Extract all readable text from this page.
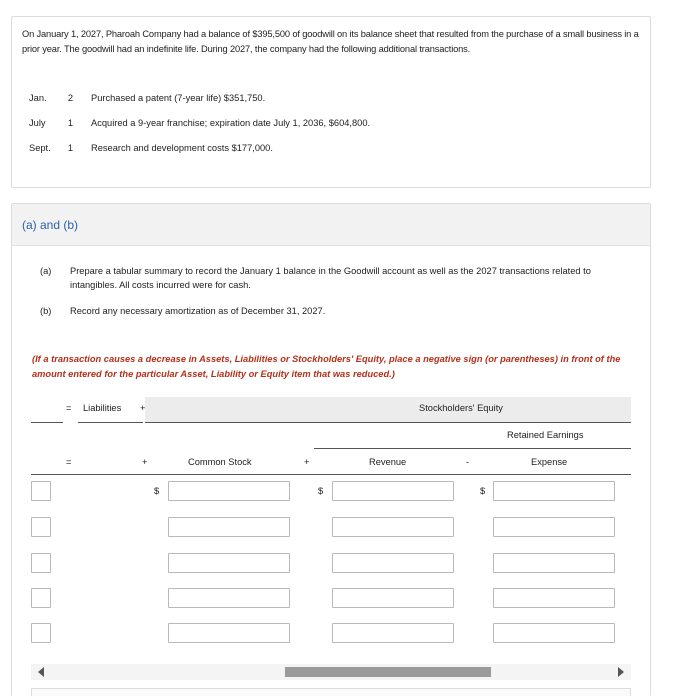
On January 1, 2027, Pharoah Company had a balance of $395,500 of goodwill on its balance sheet that resulted from the purchase of a small business in a prior year. The goodwill had an indefinite life. During 2027, the company had the following additional transactions.
Jan.	2 Purchased a patent (7-year life) $351,750.
July	1 Acquired a 9-year franchise; expiration date July 1, 2036, $604,800.
Sept.	1 Research and development costs $177,000.
(a) and (b)
(a) Prepare a tabular summary to record the January 1 balance in the Goodwill account as well as the 2027 transactions related to intangibles. All costs incurred were for cash.
(b) Record any necessary amortization as of December 31, 2027.
(If a transaction causes a decrease in Assets, Liabilities or Stockholders' Equity, place a negative sign (or parentheses) in front of the amount entered for the particular Asset, Liability or Equity item that was reduced.)
= Liabilities +	Stockholders' Equity
Retained Earnings
=	+	Common Stock	+	Revenue	-	Expense
$	$	$
